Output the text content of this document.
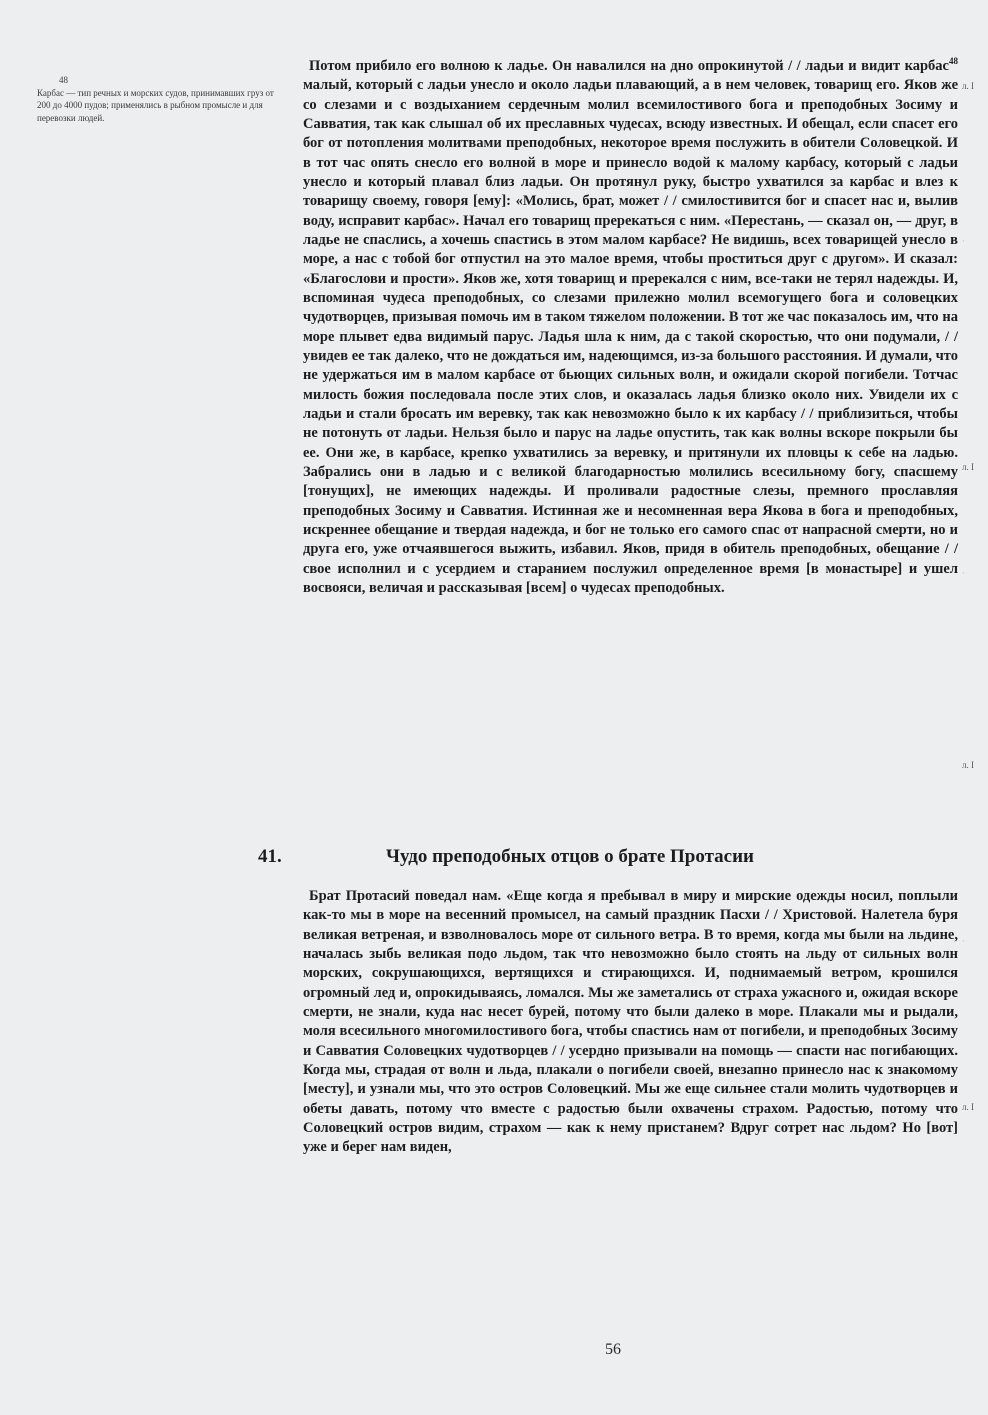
48
Карбас — тип речных и морских судов, принимавших груз от 200 до 4000 пудов; применялись в рыбном промысле и для перевозки людей.

Потом прибило его волною к ладье. Он навалился на дно опрокинутой / / ладьи и видит карбас$^{48}$ малый, который с ладьи унесло и около ладьи плавающий, а в нем человек, товарищ его. Яков же со слезами и с воздыханием сердечным молил всемилостивого бога и преподобных Зосиму и Савватия, так как слышал об их преславных чудесах, всюду известных. И обещал, если спасет его бог от потопления молитвами преподобных, некоторое время послужить в обители Соловецкой. И в тот час опять снесло его волной в море и принесло водой к малому карбасу, который с ладьи унесло и который плавал близ ладьи. Он протянул руку, быстро ухватился за карбас и влез к товарищу своему, говоря [ему]: «Молись, брат, может / / смилостивится бог и спасет нас и, вылив воду, исправит карбас». Начал его товарищ пререкаться с ним. «Перестань, — сказал он, — друг, в ладье не спаслись, а хочешь спастись в этом малом карбасе? Не видишь, всех товарищей унесло в море, а нас с тобой бог отпустил на это малое время, чтобы проститься друг с другом». И сказал: «Благослови и прости». Яков же, хотя товарищ и пререкался с ним, все-таки не терял надежды. И, вспоминая чудеса преподобных, со слезами прилежно молил всемогущего бога и соловецких чудотворцев, призывая помочь им в таком тяжелом положении. В тот же час показалось им, что на море плывет едва видимый парус. Ладья шла к ним, да с такой скоростью, что они подумали, / / увидев ее так далеко, что не дождаться им, надеющимся, из-за большого расстояния. И думали, что не удержаться им в малом карбасе от бьющих сильных волн, и ожидали скорой погибели. Тотчас милость божия последовала после этих слов, и оказалась ладья близко около них. Увидели их с ладьи и стали бросать им веревку, так как невозможно было к их карбасу / / приблизиться, чтобы не потонуть от ладьи. Нельзя было и парус на ладье опустить, так как волны вскоре покрыли бы ее. Они же, в карбасе, крепко ухватились за веревку, и притянули их пловцы к себе на ладью. Забрались они в ладью и с великой благодарностью молились всесильному богу, спасшему [тонущих], не имеющих надежды. И проливали радостные слезы, премного прославляя преподобных Зосиму и Савватия. Истинная же и несомненная вера Якова в бога и преподобных, искреннее обещание и твердая надежда, и бог не только его самого спас от напрасной смерти, но и друга его, уже отчаявшегося выжить, избавил. Яков, придя в обитель преподобных, обещание / / свое исполнил и с усердием и старанием послужил определенное время [в монастыре] и ушел восвояси, величая и рассказывая [всем] о чудесах преподобных.

41.	Чудо преподобных отцов о брате Протасии

Брат Протасий поведал нам. «Еще когда я пребывал в миру и мирские одежды носил, поплыли как-то мы в море на весенний промысел, на самый праздник Пасхи / / Христовой. Налетела буря великая ветреная, и взволновалось море от сильного ветра. В то время, когда мы были на льдине, началась зыбь великая подо льдом, так что невозможно было стоять на льду от сильных волн морских, сокрушающихся, вертящихся и стирающихся. И, поднимаемый ветром, крошился огромный лед и, опрокидываясь, ломался. Мы же заметались от страха ужасного и, ожидая вскоре смерти, не знали, куда нас несет бурей, потому что были далеко в море. Плакали мы и рыдали, моля всесильного многомилостивого бога, чтобы спастись нам от погибели, и преподобных Зосиму и Савватия Соловецких чудотворцев / / усердно призывали на помощь — спасти нас погибающих. Когда мы, страдая от волн и льда, плакали о погибели своей, внезапно принесло нас к знакомому [месту], и узнали мы, что это остров Соловецкий. Мы же еще сильнее стали молить чудотворцев и обеты давать, потому что вместе с радостью были охвачены страхом. Радостью, потому что Соловецкий остров видим, страхом — как к нему пристанем? Вдруг сотрет нас льдом? Но [вот] уже и берег нам виден,

л. I
л. I
л. I
л. I
·
·
·
56
